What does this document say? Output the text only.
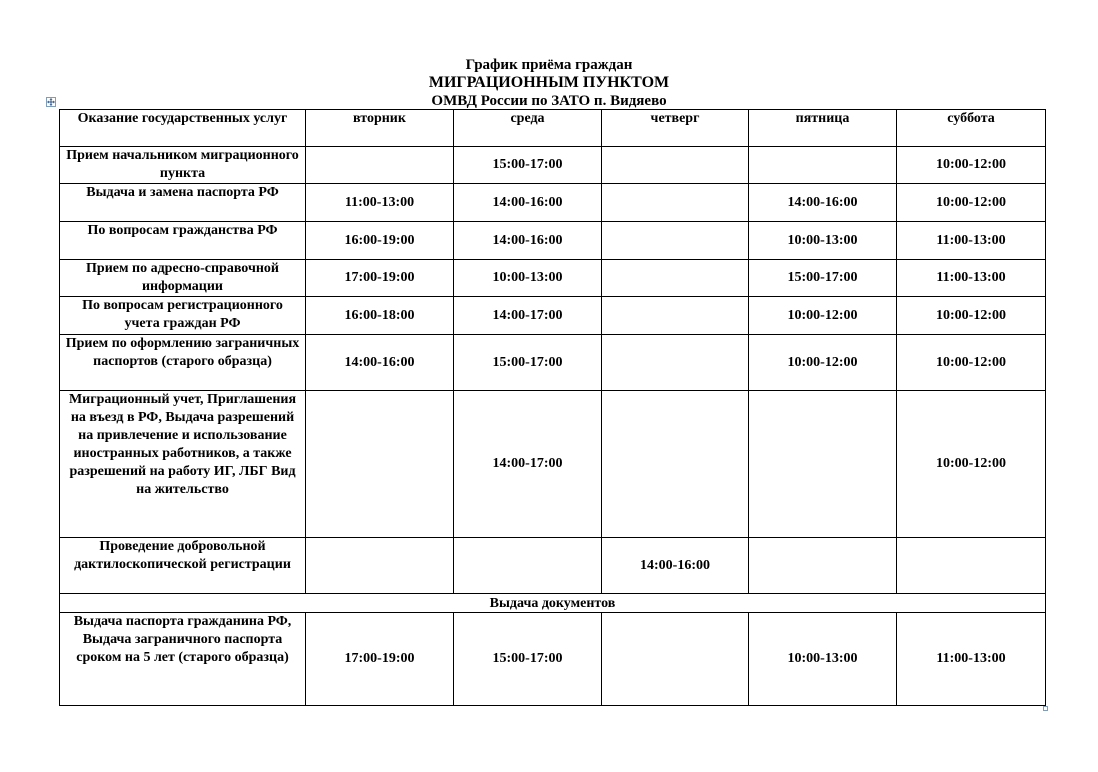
График приёма граждан
МИГРАЦИОННЫМ ПУНКТОМ
ОМВД России по ЗАТО п. Видяево
Оказание государственных услуг	вторник	среда	четверг	пятница	суббота
Прием начальником миграционного пункта		15:00-17:00			10:00-12:00
Выдача и замена паспорта РФ	11:00-13:00	14:00-16:00		14:00-16:00	10:00-12:00
По вопросам гражданства РФ	16:00-19:00	14:00-16:00		10:00-13:00	11:00-13:00
Прием по адресно-справочной информации	17:00-19:00	10:00-13:00		15:00-17:00	11:00-13:00
По вопросам регистрационного учета граждан РФ	16:00-18:00	14:00-17:00		10:00-12:00	10:00-12:00
Прием по оформлению заграничных паспортов (старого образца)	14:00-16:00	15:00-17:00		10:00-12:00	10:00-12:00
Миграционный учет, Приглашения на въезд в РФ, Выдача разрешений на привлечение и использование иностранных работников, а также разрешений на работу ИГ, ЛБГ Вид на жительство		14:00-17:00			10:00-12:00
Проведение добровольной дактилоскопической регистрации			14:00-16:00		
Выдача документов					
Выдача паспорта гражданина РФ, Выдача заграничного паспорта сроком на 5 лет (старого образца)	17:00-19:00	15:00-17:00		10:00-13:00	11:00-13:00
